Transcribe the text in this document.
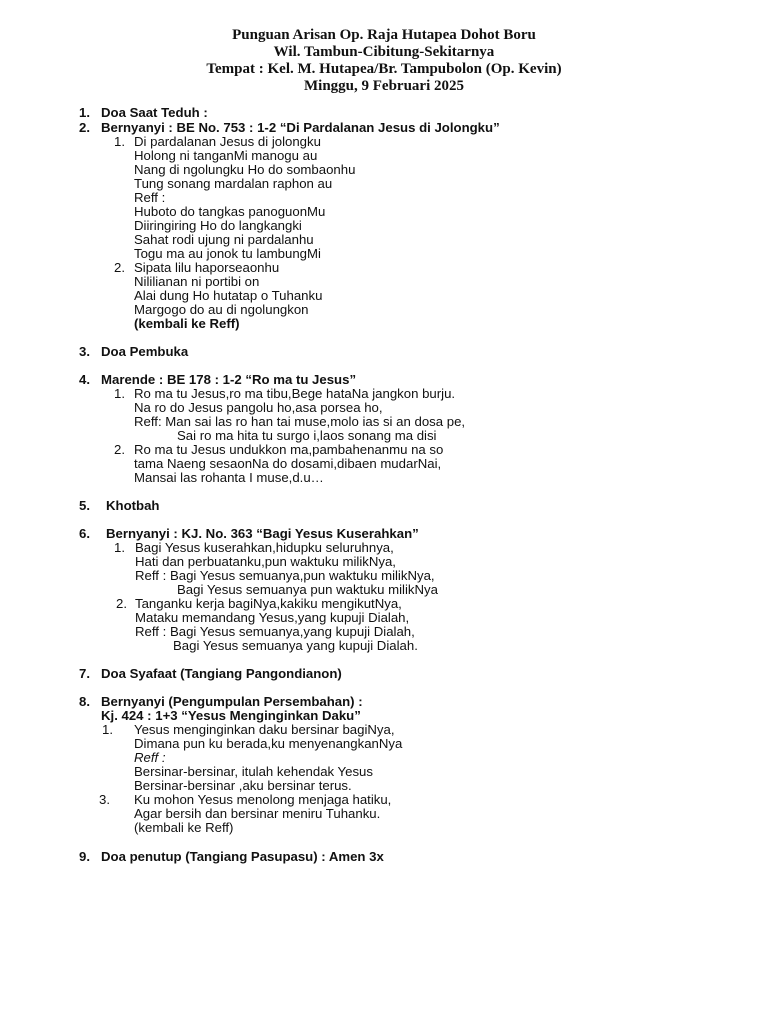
Punguan Arisan Op. Raja Hutapea Dohot Boru
Wil. Tambun-Cibitung-Sekitarnya
Tempat : Kel. M. Hutapea/Br. Tampubolon (Op. Kevin)
Minggu, 9 Februari 2025
1. Doa Saat Teduh :
2. Bernyanyi : BE No. 753 : 1-2 “Di Pardalanan Jesus di Jolongku”
1. Di pardalanan Jesus di jolongku
Holong ni tanganMi manogu au
Nang di ngolungku Ho do sombaonhu
Tung sonang mardalan raphon au
Reff :
Huboto do tangkas panoguonMu
Diiringiring Ho do langkangki
Sahat rodi ujung ni pardalanhu
Togu ma au jonok tu lambungMi
2. Sipata lilu haporseaonhu
Nililianan ni portibi on
Alai dung Ho hutatap o Tuhanku
Margogo do au di ngolungkon
(kembali ke Reff)
3. Doa Pembuka
4. Marende : BE 178 : 1-2 “Ro ma tu Jesus”
1. Ro ma tu Jesus,ro ma tibu,Bege hataNa jangkon burju.
Na ro do Jesus pangolu ho,asa porsea ho,
Reff: Man sai las ro han tai muse,molo ias si an dosa pe,
Sai ro ma hita tu surgo i,laos sonang ma disi
2. Ro ma tu Jesus undukkon ma,pambahenanmu na so
tama Naeng sesaonNa do dosami,dibaen mudarNai,
Mansai las rohanta I muse,d.u…
5. Khotbah
6. Bernyanyi : KJ. No. 363 “Bagi Yesus Kuserahkan”
1. Bagi Yesus kuserahkan,hidupku seluruhnya,
Hati dan perbuatanku,pun waktuku milikNya,
Reff : Bagi Yesus semuanya,pun waktuku milikNya,
Bagi Yesus semuanya pun waktuku milikNya
2. Tanganku kerja bagiNya,kakiku mengikutNya,
Mataku memandang Yesus,yang kupuji Dialah,
Reff : Bagi Yesus semuanya,yang kupuji Dialah,
Bagi Yesus semuanya yang kupuji Dialah.
7. Doa Syafaat (Tangiang Pangondianon)
8. Bernyanyi (Pengumpulan Persembahan) :
Kj. 424 : 1+3 “Yesus Menginginkan Daku”
1. Yesus menginginkan daku bersinar bagiNya,
Dimana pun ku berada,ku menyenangkanNya
Reff :
Bersinar-bersinar, itulah kehendak Yesus
Bersinar-bersinar ,aku bersinar terus.
3. Ku mohon Yesus menolong menjaga hatiku,
Agar bersih dan bersinar meniru Tuhanku.
(kembali ke Reff)
9. Doa penutup (Tangiang Pasupasu) : Amen 3x
